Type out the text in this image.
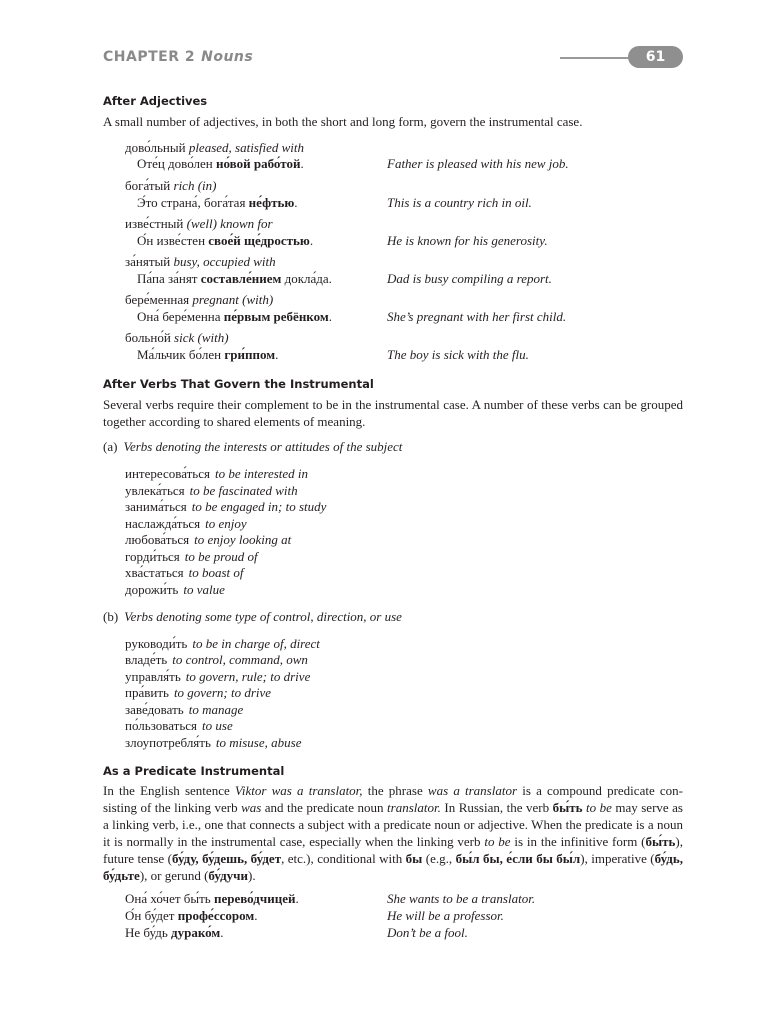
CHAPTER 2 Nouns	61
After Adjectives
A small number of adjectives, in both the short and long form, govern the instrumental case.
дово́льный pleased, satisfied with
Оте́ц дово́лен но́вой рабо́той.	Father is pleased with his new job.
бога́тый rich (in)
Э́то страна́, бога́тая не́фтью.	This is a country rich in oil.
изве́стный (well) known for
О́н изве́стен свое́й ще́дростью.	He is known for his generosity.
за́нятый busy, occupied with
Па́па за́нят составле́нием докла́да.	Dad is busy compiling a report.
бере́менная pregnant (with)
Она́ бере́менна пе́рвым ребёнком.	She’s pregnant with her first child.
больно́й sick (with)
Ма́льчик бо́лен гри́ппом.	The boy is sick with the flu.
After Verbs That Govern the Instrumental
Several verbs require their complement to be in the instrumental case. A number of these verbs can be grouped together according to shared elements of meaning.
(a) Verbs denoting the interests or attitudes of the subject
интересова́ться to be interested in
увлека́ться to be fascinated with
занима́ться to be engaged in; to study
наслажда́ться to enjoy
любова́ться to enjoy looking at
горди́ться to be proud of
хва́статься to boast of
дорожи́ть to value
(b) Verbs denoting some type of control, direction, or use
руководи́ть to be in charge of, direct
владе́ть to control, command, own
управля́ть to govern, rule; to drive
пра́вить to govern; to drive
заве́довать to manage
по́льзоваться to use
злоупотребля́ть to misuse, abuse
As a Predicate Instrumental
In the English sentence Viktor was a translator, the phrase was a translator is a compound predicate con-sisting of the linking verb was and the predicate noun translator. In Russian, the verb бы́ть to be may serve as a linking verb, i.e., one that connects a subject with a predicate noun or adjective. When the predicate is a noun it is normally in the instrumental case, especially when the linking verb to be is in the infinitive form (бы́ть), future tense (бу́ду, бу́дешь, бу́дет, etc.), conditional with бы (e.g., бы́л бы, е́сли бы бы́л), imperative (бу́дь, бу́дьте), or gerund (бу́дучи).
Она́ хо́чет бы́ть перево́дчицей.	She wants to be a translator.
О́н бу́дет профе́ссором.	He will be a professor.
Не бу́дь дурако́м.	Don’t be a fool.
